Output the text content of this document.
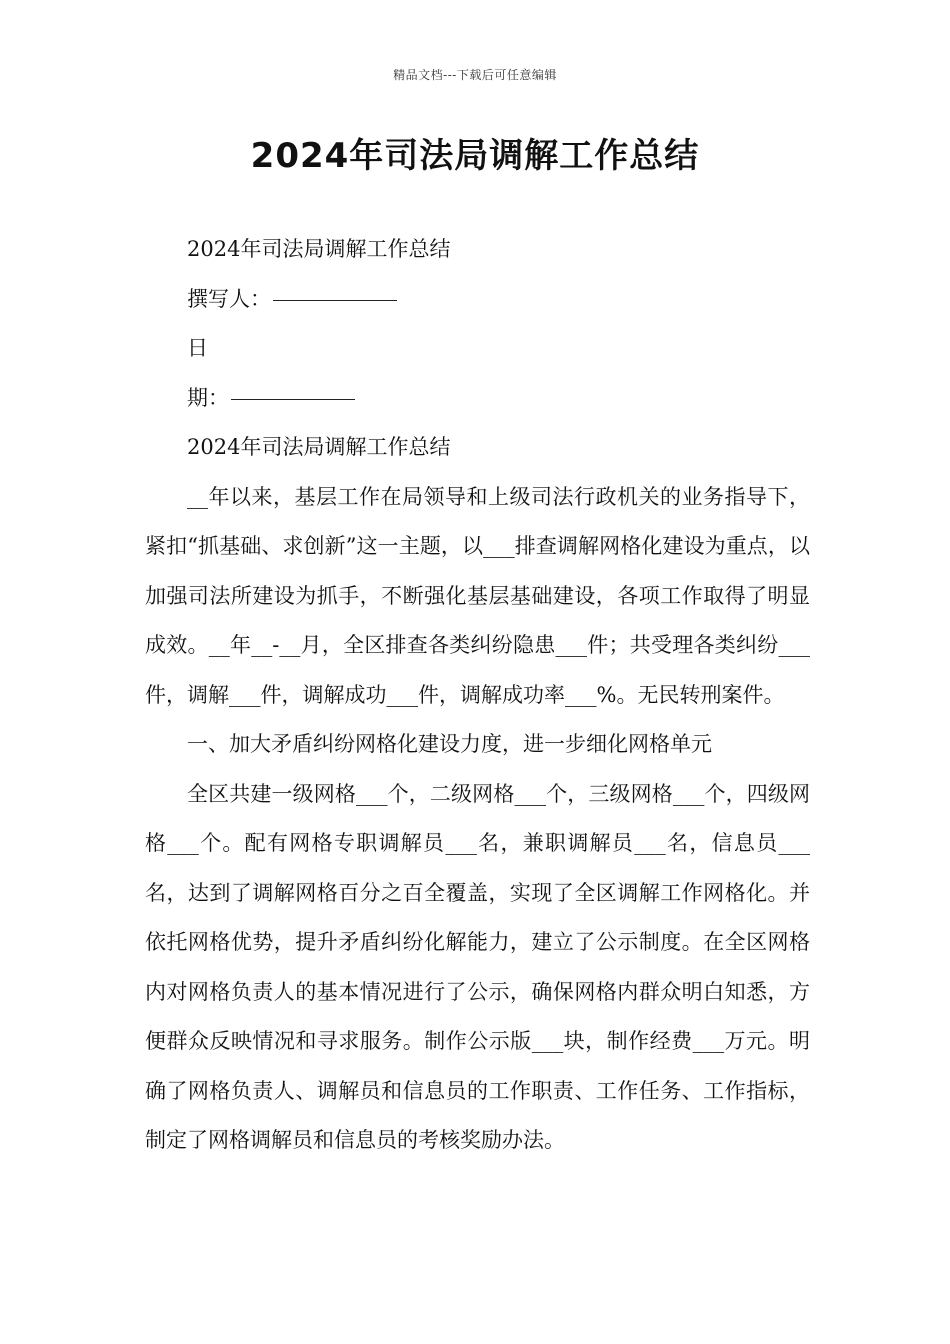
精品文档---下载后可任意编辑
2024年司法局调解工作总结

2024年司法局调解工作总结

撰写人：

日

期：

2024年司法局调解工作总结

__年以来，基层工作在局领导和上级司法行政机关的业务指导下，紧扣“抓基础、求创新”这一主题，以___排查调解网格化建设为重点，以加强司法所建设为抓手，不断强化基层基础建设，各项工作取得了明显成效。__年__-__月，全区排查各类纠纷隐患___件；共受理各类纠纷___件，调解___件，调解成功___件，调解成功率___%。无民转刑案件。

一、加大矛盾纠纷网格化建设力度，进一步细化网格单元

全区共建一级网格___个，二级网格___个，三级网格___个，四级网格___个。配有网格专职调解员___名，兼职调解员___名，信息员___名，达到了调解网格百分之百全覆盖，实现了全区调解工作网格化。并依托网格优势，提升矛盾纠纷化解能力，建立了公示制度。在全区网格内对网格负责人的基本情况进行了公示，确保网格内群众明白知悉，方便群众反映情况和寻求服务。制作公示版___块，制作经费___万元。明确了网格负责人、调解员和信息员的工作职责、工作任务、工作指标，制定了网格调解员和信息员的考核奖励办法。
